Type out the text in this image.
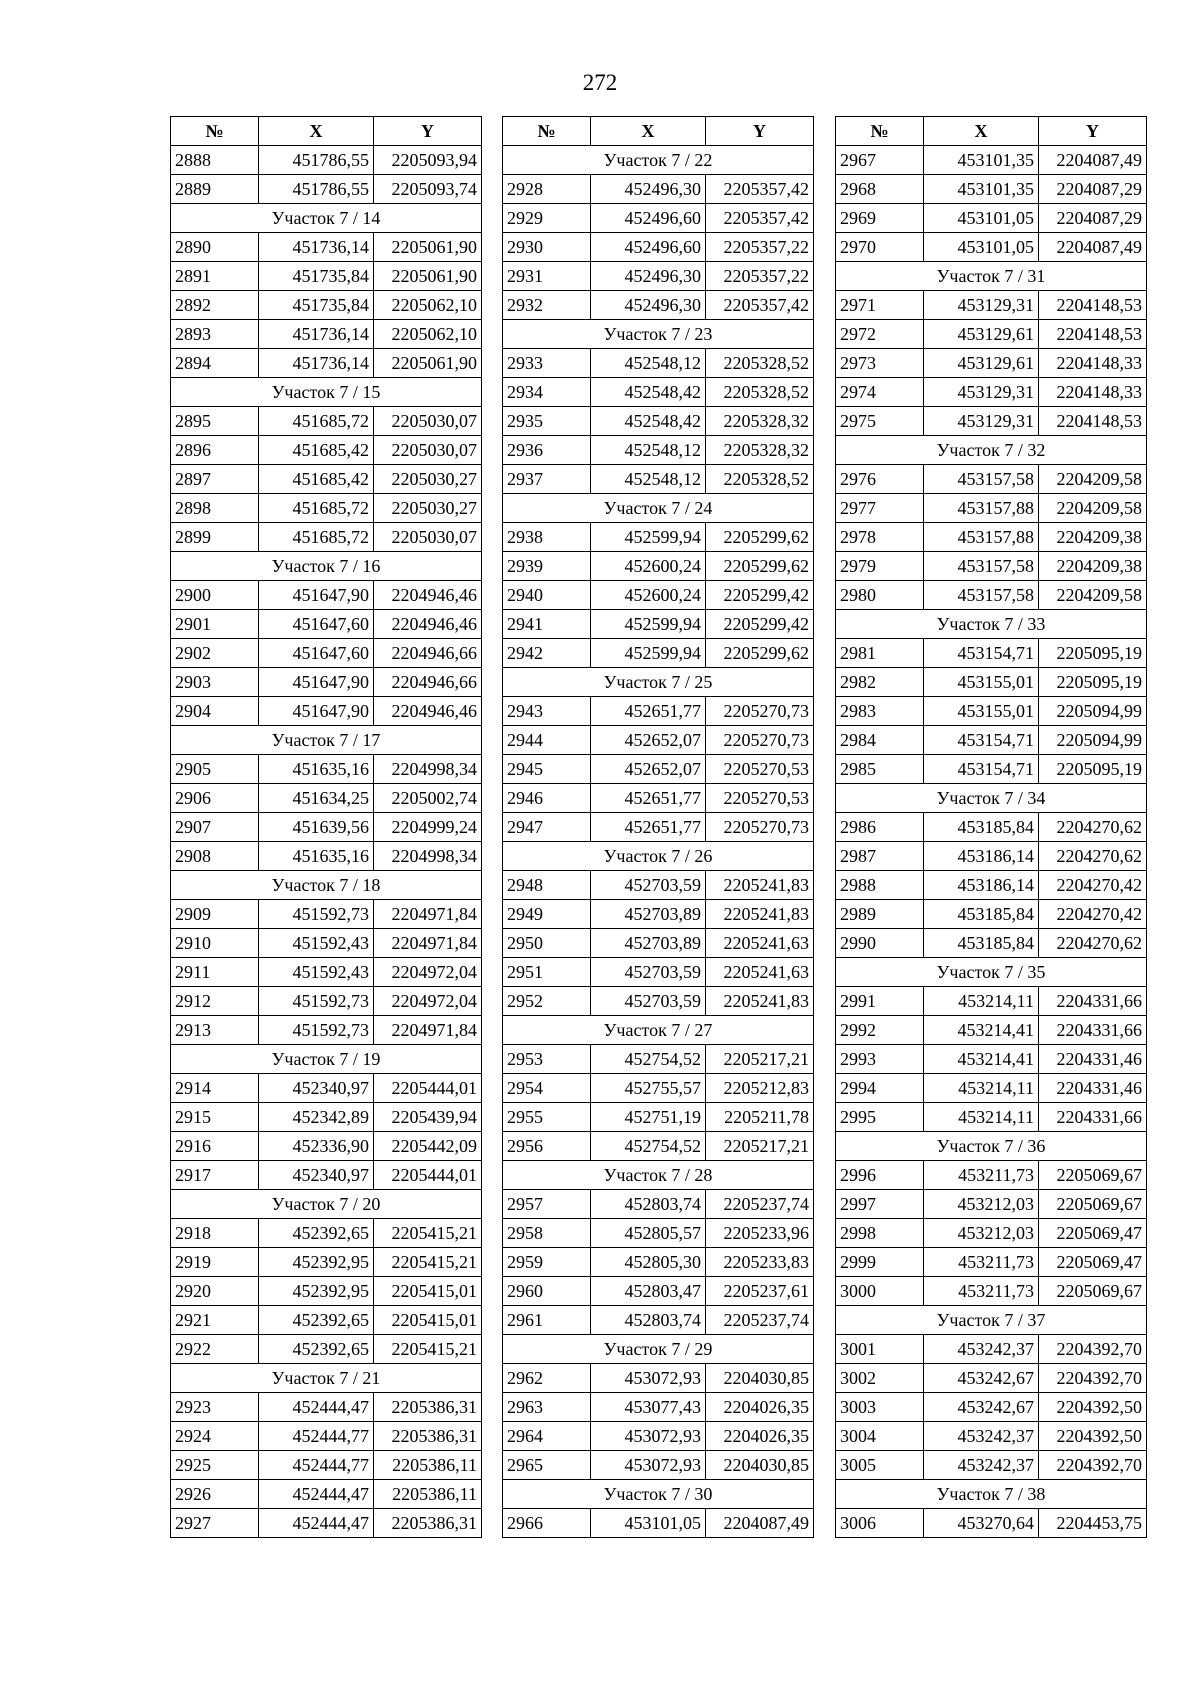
272
№	X	Y
2888	451786,55	2205093,94
2889	451786,55	2205093,74
Участок 7 / 14		
2890	451736,14	2205061,90
2891	451735,84	2205061,90
2892	451735,84	2205062,10
2893	451736,14	2205062,10
2894	451736,14	2205061,90
Участок 7 / 15		
2895	451685,72	2205030,07
2896	451685,42	2205030,07
2897	451685,42	2205030,27
2898	451685,72	2205030,27
2899	451685,72	2205030,07
Участок 7 / 16		
2900	451647,90	2204946,46
2901	451647,60	2204946,46
2902	451647,60	2204946,66
2903	451647,90	2204946,66
2904	451647,90	2204946,46
Участок 7 / 17		
2905	451635,16	2204998,34
2906	451634,25	2205002,74
2907	451639,56	2204999,24
2908	451635,16	2204998,34
Участок 7 / 18		
2909	451592,73	2204971,84
2910	451592,43	2204971,84
2911	451592,43	2204972,04
2912	451592,73	2204972,04
2913	451592,73	2204971,84
Участок 7 / 19		
2914	452340,97	2205444,01
2915	452342,89	2205439,94
2916	452336,90	2205442,09
2917	452340,97	2205444,01
Участок 7 / 20		
2918	452392,65	2205415,21
2919	452392,95	2205415,21
2920	452392,95	2205415,01
2921	452392,65	2205415,01
2922	452392,65	2205415,21
Участок 7 / 21		
2923	452444,47	2205386,31
2924	452444,77	2205386,31
2925	452444,77	2205386,11
2926	452444,47	2205386,11
2927	452444,47	2205386,31
№	X	Y
Участок 7 / 22		
2928	452496,30	2205357,42
2929	452496,60	2205357,42
2930	452496,60	2205357,22
2931	452496,30	2205357,22
2932	452496,30	2205357,42
Участок 7 / 23		
2933	452548,12	2205328,52
2934	452548,42	2205328,52
2935	452548,42	2205328,32
2936	452548,12	2205328,32
2937	452548,12	2205328,52
Участок 7 / 24		
2938	452599,94	2205299,62
2939	452600,24	2205299,62
2940	452600,24	2205299,42
2941	452599,94	2205299,42
2942	452599,94	2205299,62
Участок 7 / 25		
2943	452651,77	2205270,73
2944	452652,07	2205270,73
2945	452652,07	2205270,53
2946	452651,77	2205270,53
2947	452651,77	2205270,73
Участок 7 / 26		
2948	452703,59	2205241,83
2949	452703,89	2205241,83
2950	452703,89	2205241,63
2951	452703,59	2205241,63
2952	452703,59	2205241,83
Участок 7 / 27		
2953	452754,52	2205217,21
2954	452755,57	2205212,83
2955	452751,19	2205211,78
2956	452754,52	2205217,21
Участок 7 / 28		
2957	452803,74	2205237,74
2958	452805,57	2205233,96
2959	452805,30	2205233,83
2960	452803,47	2205237,61
2961	452803,74	2205237,74
Участок 7 / 29		
2962	453072,93	2204030,85
2963	453077,43	2204026,35
2964	453072,93	2204026,35
2965	453072,93	2204030,85
Участок 7 / 30		
2966	453101,05	2204087,49
№	X	Y
2967	453101,35	2204087,49
2968	453101,35	2204087,29
2969	453101,05	2204087,29
2970	453101,05	2204087,49
Участок 7 / 31		
2971	453129,31	2204148,53
2972	453129,61	2204148,53
2973	453129,61	2204148,33
2974	453129,31	2204148,33
2975	453129,31	2204148,53
Участок 7 / 32		
2976	453157,58	2204209,58
2977	453157,88	2204209,58
2978	453157,88	2204209,38
2979	453157,58	2204209,38
2980	453157,58	2204209,58
Участок 7 / 33		
2981	453154,71	2205095,19
2982	453155,01	2205095,19
2983	453155,01	2205094,99
2984	453154,71	2205094,99
2985	453154,71	2205095,19
Участок 7 / 34		
2986	453185,84	2204270,62
2987	453186,14	2204270,62
2988	453186,14	2204270,42
2989	453185,84	2204270,42
2990	453185,84	2204270,62
Участок 7 / 35		
2991	453214,11	2204331,66
2992	453214,41	2204331,66
2993	453214,41	2204331,46
2994	453214,11	2204331,46
2995	453214,11	2204331,66
Участок 7 / 36		
2996	453211,73	2205069,67
2997	453212,03	2205069,67
2998	453212,03	2205069,47
2999	453211,73	2205069,47
3000	453211,73	2205069,67
Участок 7 / 37		
3001	453242,37	2204392,70
3002	453242,67	2204392,70
3003	453242,67	2204392,50
3004	453242,37	2204392,50
3005	453242,37	2204392,70
Участок 7 / 38		
3006	453270,64	2204453,75
